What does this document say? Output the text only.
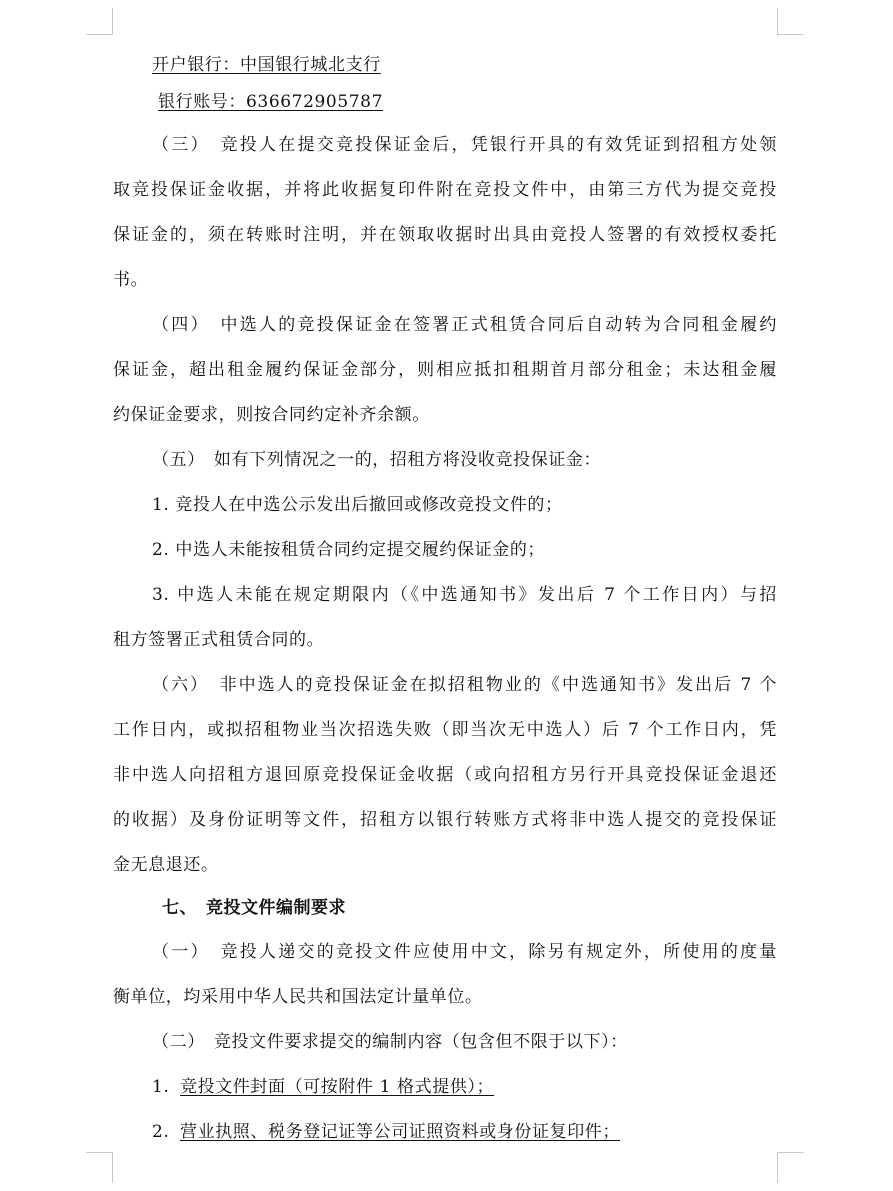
开户银行：中国银行城北支行
银行账号：636672905787
（三）　竞投人在提交竞投保证金后，凭银行开具的有效凭证到招租方处领
取竞投保证金收据，并将此收据复印件附在竞投文件中，由第三方代为提交竞投
保证金的，须在转账时注明，并在领取收据时出具由竞投人签署的有效授权委托
书。
（四）　中选人的竞投保证金在签署正式租赁合同后自动转为合同租金履约
保证金，超出租金履约保证金部分，则相应抵扣租期首月部分租金；未达租金履
约保证金要求，则按合同约定补齐余额。
（五）　如有下列情况之一的，招租方将没收竞投保证金：
1. 竞投人在中选公示发出后撤回或修改竞投文件的；
2. 中选人未能按租赁合同约定提交履约保证金的；
3. 中选人未能在规定期限内（《中选通知书》发出后 7 个工作日内）与招
租方签署正式租赁合同的。
（六）　非中选人的竞投保证金在拟招租物业的《中选通知书》发出后 7 个
工作日内，或拟招租物业当次招选失败（即当次无中选人）后 7 个工作日内，凭
非中选人向招租方退回原竞投保证金收据（或向招租方另行开具竞投保证金退还
的收据）及身份证明等文件，招租方以银行转账方式将非中选人提交的竞投保证
金无息退还。
七、　竞投文件编制要求
（一）　竞投人递交的竞投文件应使用中文，除另有规定外，所使用的度量
衡单位，均采用中华人民共和国法定计量单位。
（二）　竞投文件要求提交的编制内容（包含但不限于以下）：
1. 竞投文件封面（可按附件 1 格式提供）；
2. 营业执照、税务登记证等公司证照资料或身份证复印件；
